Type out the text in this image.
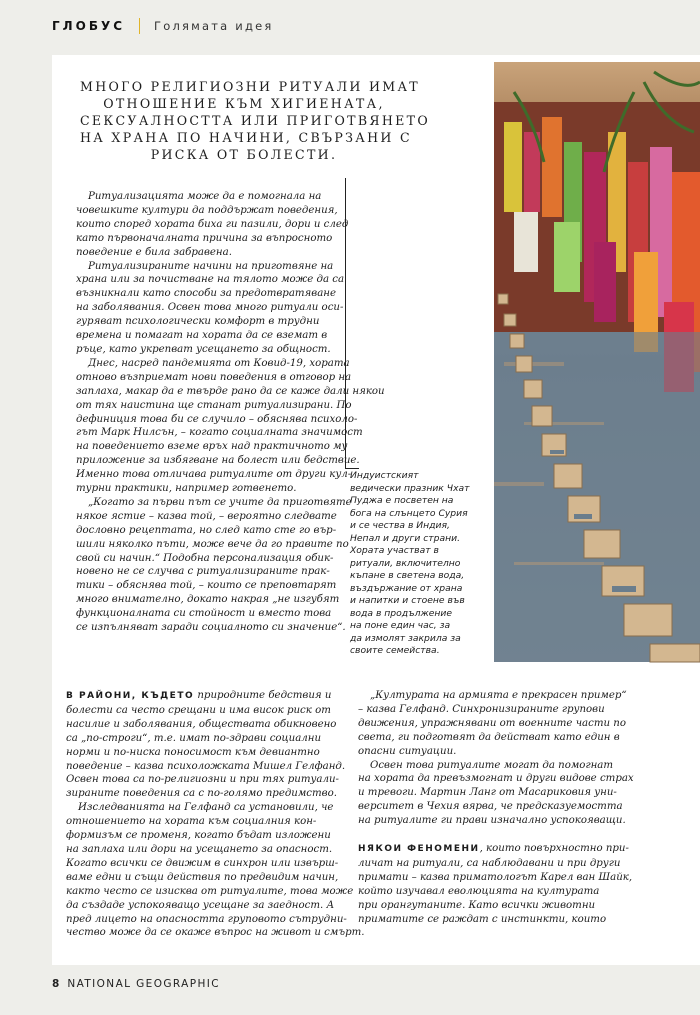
ГЛОБУС	Голямата идея
МНОГО РЕЛИГИОЗНИ РИТУАЛИ ИМАТ
ОТНОШЕНИЕ КЪМ ХИГИЕНАТА,
СЕКСУАЛНОСТТА ИЛИ ПРИГОТВЯНЕТО
НА ХРАНА ПО НАЧИНИ, СВЪРЗАНИ С
РИСКА ОТ БОЛЕСТИ.
Индуистският
ведически празник Чхат
Пуджа е посветен на
бога на слънцето Сурия
и се чества в Индия,
Непал и други страни.
Хората участват в
ритуали, включително
къпане в светена вода,
въздържание от храна
и напитки и стоене във
вода в продължение
на поне един час, за
да измолят закрила за
своите семейства.
Ритуализацията може да е помогнала на
човешките култури да поддържат поведения,
които според хората биха ги пазили, дори и след
като първоначалната причина за въпросното
поведение е била забравена.
Ритуализираните начини на приготвяне на
храна или за почистване на тялото може да са
възникнали като способи за предотвратяване
на заболявания. Освен това много ритуали оси-
гуряват психологически комфорт в трудни
времена и помагат на хората да се вземат в
ръце, като укрепват усещането за общност.
Днес, насред пандемията от Ковид-19, хората
отново възприемат нови поведения в отговор на
заплаха, макар да е твърде рано да се каже дали някои
от тях наистина ще станат ритуализирани. По
дефиниция това би се случило – обяснява психоло-
гът Марк Нилсън, – когато социалната значимост
на поведението вземе връх над практичното му
приложение за избягване на болест или бедствие.
Именно това отличава ритуалите от други кул-
турни практики, например готвенето.
„Когато за първи път се учите да приготвяте
някое ястие – казва той, – вероятно следвате
дословно рецептата, но след като сте го вър-
шили няколко пъти, може вече да го правите по
свой си начин.“ Подобна персонализация обик-
новено не се случва с ритуализираните прак-
тики – обяснява той, – които се преповтарят
много внимателно, докато накрая „не изгубят
функционалната си стойност и вместо това
се изпълняват заради социалното си значение“.
В РАЙОНИ, КЪДЕТО природните бедствия и
болести са често срещани и има висок риск от
насилие и заболявания, обществата обикновено
са „по-строги“, т.е. имат по-здрави социални
норми и по-ниска поносимост към девиантно
поведение – казва психоложката Мишел Гелфанд.
Освен това са по-религиозни и при тях ритуали-
зираните поведения са с по-голямо предимство.
Изследванията на Гелфанд са установили, че
отношението на хората към социалния кон-
формизъм се променя, когато бъдат изложени
на заплаха или дори на усещането за опасност.
Когато всички се движим в синхрон или извърш-
ваме едни и същи действия по предвидим начин,
както често се изисква от ритуалите, това може
да създаде успокояващо усещане за заедност. А
пред лицето на опасността груповото сътрудни-
чество може да се окаже въпрос на живот и смърт.
„Културата на армията е прекрасен пример“
– казва Гелфанд. Синхронизираните групови
движения, упражнявани от военните части по
света, ги подготвят да действат като един в
опасни ситуации.
Освен това ритуалите могат да помогнат
на хората да превъзмогнат и други видове страх
и тревоги. Мартин Ланг от Масариковия уни-
верситет в Чехия вярва, че предсказуемостта
на ритуалите ги прави изначално успокояващи.
НЯКОИ ФЕНОМЕНИ, които повърхностно при-
личат на ритуали, са наблюдавани и при други
примати – казва приматологът Карел ван Шайк,
който изучавал еволюцията на културата
при орангутаните. Като всички животни
приматите се раждат с инстинкти, които
8 NATIONAL GEOGRAPHIC
